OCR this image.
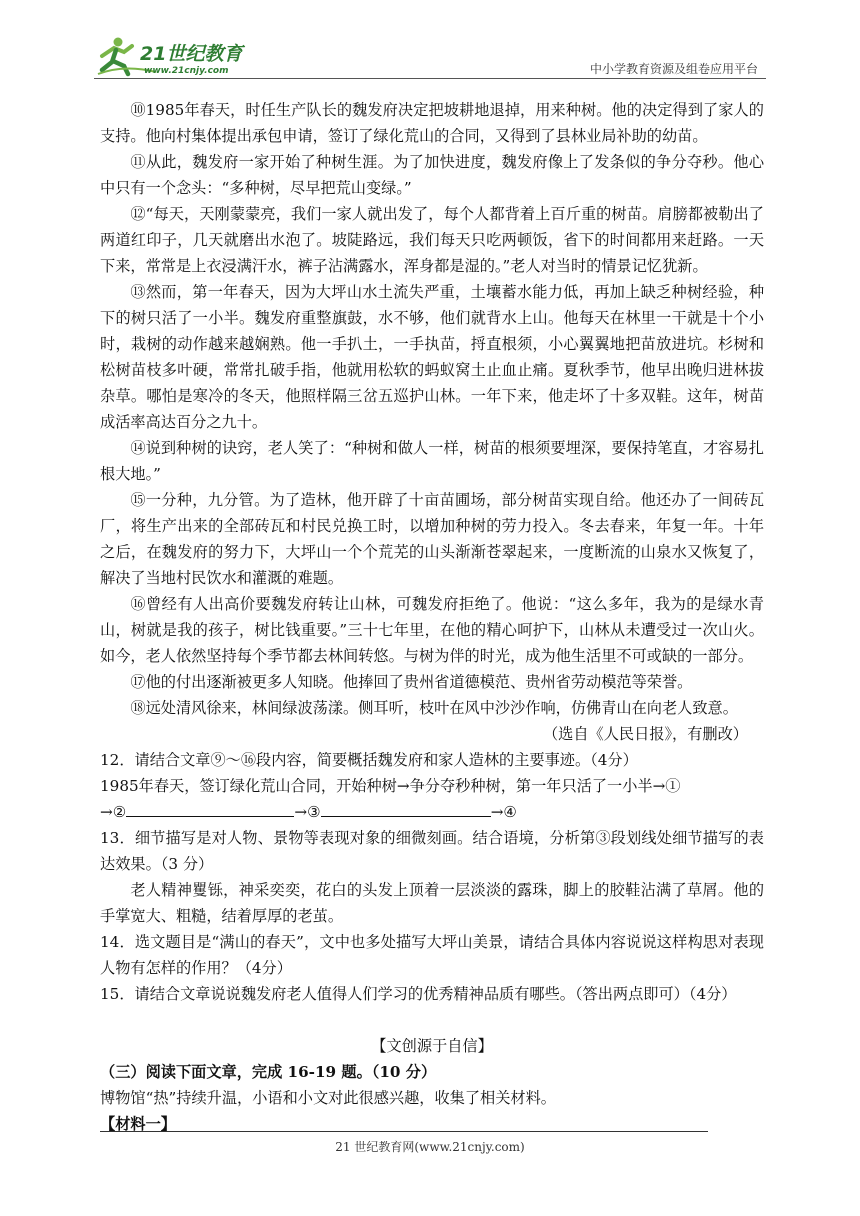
21世纪教育
www.21cnjy.com	中小学教育资源及组卷应用平台

⑩1985年春天，时任生产队长的魏发府决定把坡耕地退掉，用来种树。他的决定得到了家人的支持。他向村集体提出承包申请，签订了绿化荒山的合同，又得到了县林业局补助的幼苗。

⑪从此，魏发府一家开始了种树生涯。为了加快进度，魏发府像上了发条似的争分夺秒。他心中只有一个念头：“多种树，尽早把荒山变绿。”

⑫“每天，天刚蒙蒙亮，我们一家人就出发了，每个人都背着上百斤重的树苗。肩膀都被勒出了两道红印子，几天就磨出水泡了。坡陡路远，我们每天只吃两顿饭，省下的时间都用来赶路。一天下来，常常是上衣浸满汗水，裤子沾满露水，浑身都是湿的。”老人对当时的情景记忆犹新。

⑬然而，第一年春天，因为大坪山水土流失严重，土壤蓄水能力低，再加上缺乏种树经验，种下的树只活了一小半。魏发府重整旗鼓，水不够，他们就背水上山。他每天在林里一干就是十个小时，栽树的动作越来越娴熟。他一手扒土，一手执苗，捋直根须，小心翼翼地把苗放进坑。杉树和松树苗枝多叶硬，常常扎破手指，他就用松软的蚂蚁窝土止血止痛。夏秋季节，他早出晚归进林拔杂草。哪怕是寒冷的冬天，他照样隔三岔五巡护山林。一年下来，他走坏了十多双鞋。这年，树苗成活率高达百分之九十。

⑭说到种树的诀窍，老人笑了：“种树和做人一样，树苗的根须要埋深，要保持笔直，才容易扎根大地。”

⑮一分种，九分管。为了造林，他开辟了十亩苗圃场，部分树苗实现自给。他还办了一间砖瓦厂，将生产出来的全部砖瓦和村民兑换工时，以增加种树的劳力投入。冬去春来，年复一年。十年之后，在魏发府的努力下，大坪山一个个荒芜的山头渐渐苍翠起来，一度断流的山泉水又恢复了，解决了当地村民饮水和灌溉的难题。

⑯曾经有人出高价要魏发府转让山林，可魏发府拒绝了。他说：“这么多年，我为的是绿水青山，树就是我的孩子，树比钱重要。”三十七年里，在他的精心呵护下，山林从未遭受过一次山火。如今，老人依然坚持每个季节都去林间转悠。与树为伴的时光，成为他生活里不可或缺的一部分。

⑰他的付出逐渐被更多人知晓。他捧回了贵州省道德模范、贵州省劳动模范等荣誉。

⑱远处清风徐来，林间绿波荡漾。侧耳听，枝叶在风中沙沙作响，仿佛青山在向老人致意。

（选自《人民日报》，有删改）

12．请结合文章⑨～⑯段内容，简要概括魏发府和家人造林的主要事迹。（4分）

1985年春天，签订绿化荒山合同，开始种树→争分夺秒种树，第一年只活了一小半→①

→②	→③	→④

13．细节描写是对人物、景物等表现对象的细微刻画。结合语境，分析第③段划线处细节描写的表达效果。（3 分）

老人精神矍铄，神采奕奕，花白的头发上顶着一层淡淡的露珠，脚上的胶鞋沾满了草屑。他的手掌宽大、粗糙，结着厚厚的老茧。

14．选文题目是“满山的春天”，文中也多处描写大坪山美景，请结合具体内容说说这样构思对表现人物有怎样的作用？（4分）

15．请结合文章说说魏发府老人值得人们学习的优秀精神品质有哪些。（答出两点即可）（4分）

【文创源于自信】

（三）阅读下面文章，完成 16-19 题。（10 分）

博物馆“热”持续升温，小语和小文对此很感兴趣，收集了相关材料。

【材料一】

21 世纪教育网(www.21cnjy.com)
